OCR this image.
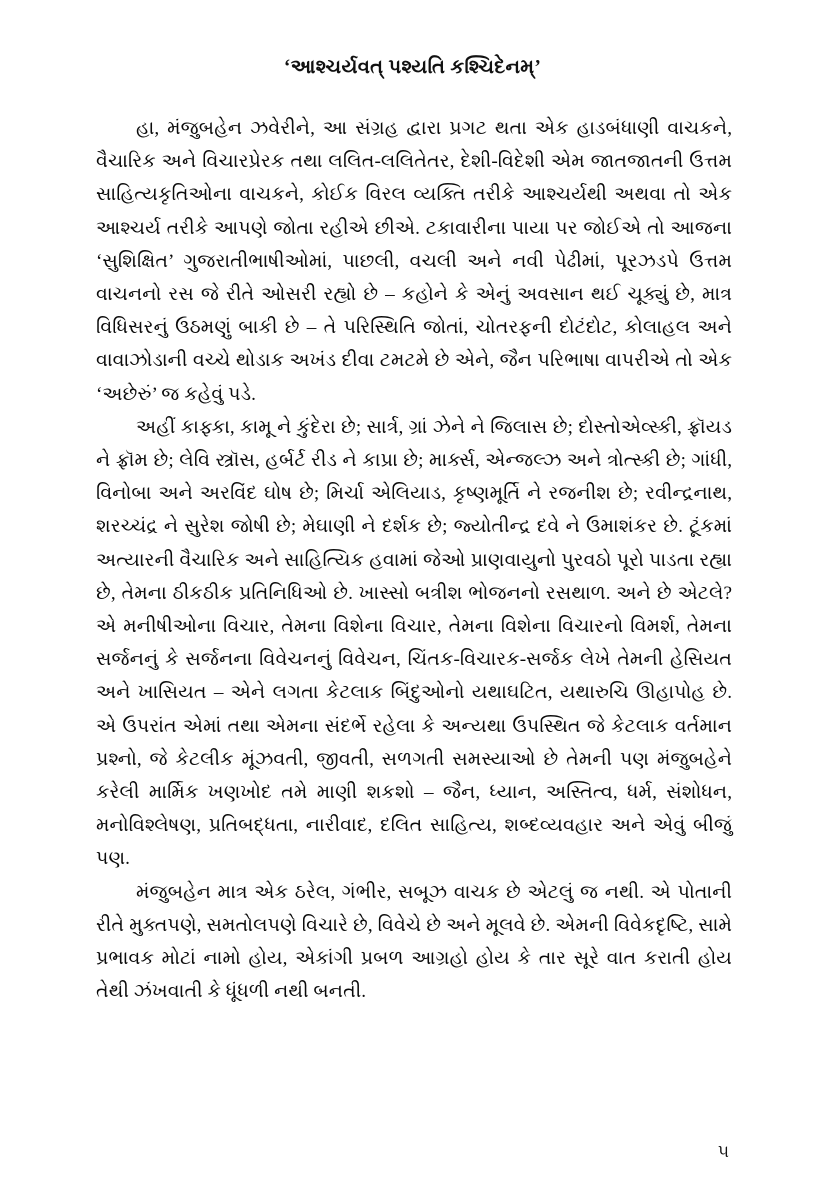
‘આશ્ચર્યવત્ પશ્યતિ કશ્ચિદેનમ્’

હા, મંજુબહેન ઝવેરીને, આ સંગ્રહ દ્વારા પ્રગટ થતા એક હાડબંધાણી વાચકને, વૈચારિક અને વિચારપ્રેરક તથા લલિત-લલિતેતર, દેશી-વિદેશી એમ જાતજાતની ઉત્તમ સાહિત્યકૃતિઓના વાચકને, કોઈક વિરલ વ્યક્તિ તરીકે આશ્ચર્યથી અથવા તો એક આશ્ચર્ય તરીકે આપણે જોતા રહીએ છીએ. ટકાવારીના પાયા પર જોઈએ તો આજના ‘સુશિક્ષિત’ ગુજરાતીભાષીઓમાં, પાછલી, વચલી અને નવી પેઢીમાં, પૂરઝડપે ઉત્તમ વાચનનો રસ જે રીતે ઓસરી રહ્યો છે – કહોને કે એનું અવસાન થઈ ચૂક્યું છે, માત્ર વિધિસરનું ઉઠમણું બાકી છે – તે પરિસ્થિતિ જોતાં, ચોતરફની દોટંદોટ, કોલાહલ અને વાવાઝોડાની વચ્ચે થોડાક અખંડ દીવા ટમટમે છે એને, જૈન પરિભાષા વાપરીએ તો એક ‘અછેરું’ જ કહેવું પડે.

અહીં કાફ્કા, કામૂ ને કુંદેરા છે; સાર્ત્ર, ગ્રાં ઝેને ને જિલાસ છે; દોસ્તોએવ્સ્કી, ફ્રૉયડ ને ફ્રૉમ છે; લેવિ સ્ત્રૉસ, હર્બર્ટ રીડ ને કાપ્રા છે; માર્ક્સ, એન્જલ્ઝ અને ત્રોત્સ્કી છે; ગાંધી, વિનોબા અને અરવિંદ ઘોષ છે; મિર્ચા એલિયાડ, કૃષ્ણમૂર્તિ ને રજનીશ છે; રવીન્દ્રનાથ, શરચ્ચંદ્ર ને સુરેશ જોષી છે; મેઘાણી ને દર્શક છે; જ્યોતીન્દ્ર દવે ને ઉમાશંકર છે. ટૂંકમાં અત્યારની વૈચારિક અને સાહિત્યિક હવામાં જેઓ પ્રાણવાયુનો પુરવઠો પૂરો પાડતા રહ્યા છે, તેમના ઠીકઠીક પ્રતિનિધિઓ છે. ખાસ્સો બત્રીશ ભોજનનો રસથાળ. અને છે એટલે? એ મનીષીઓના વિચાર, તેમના વિશેના વિચાર, તેમના વિશેના વિચારનો વિમર્શ, તેમના સર્જનનું કે સર્જનના વિવેચનનું વિવેચન, ચિંતક-વિચારક-સર્જક લેખે તેમની હેસિયત અને ખાસિયત – એને લગતા કેટલાક બિંદુઓનો યથાઘટિત, યથારુચિ ઊહાપોહ છે. એ ઉપરાંત એમાં તથા એમના સંદર્ભે રહેલા કે અન્યથા ઉપસ્થિત જે કેટલાક વર્તમાન પ્રશ્નો, જે કેટલીક મૂંઝવતી, જીવતી, સળગતી સમસ્યાઓ છે તેમની પણ મંજુબહેને કરેલી માર્મિક ખણખોદ તમે માણી શકશો – જૈન, ધ્યાન, અસ્તિત્વ, ધર્મ, સંશોધન, મનોવિશ્લેષણ, પ્રતિબદ્ધતા, નારીવાદ, દલિત સાહિત્ય, શબ્દવ્યવહાર અને એવું બીજું પણ.

મંજુબહેન માત્ર એક ઠરેલ, ગંભીર, સબૂઝ વાચક છે એટલું જ નથી. એ પોતાની રીતે મુક્તપણે, સમતોલપણે વિચારે છે, વિવેચે છે અને મૂલવે છે. એમની વિવેકદૃષ્ટિ, સામે પ્રભાવક મોટાં નામો હોય, એકાંગી પ્રબળ આગ્રહો હોય કે તાર સૂરે વાત કરાતી હોય તેથી ઝંખવાતી કે ધૂંધળી નથી બનતી.

૫
